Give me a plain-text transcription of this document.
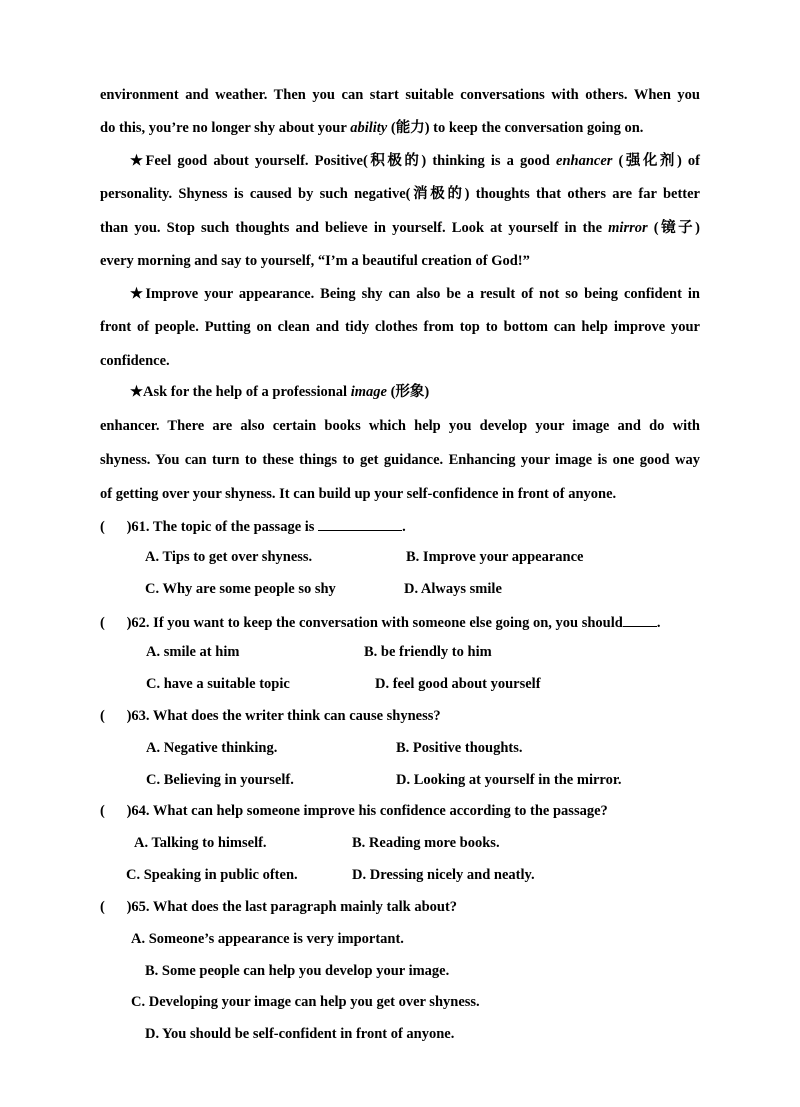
environment and weather. Then you can start suitable conversations with others. When you
do this, you’re no longer shy about your ability (能力) to keep the conversation going on.
★Feel good about yourself. Positive(积极的) thinking is a good enhancer (强化剂) of
personality. Shyness is caused by such negative(消极的) thoughts that others are far better
than you. Stop such thoughts and believe in yourself. Look at yourself in the mirror (镜子)
every morning and say to yourself, “I’m a beautiful creation of God!”
★Improve your appearance. Being shy can also be a result of not so being confident in
front of people. Putting on clean and tidy clothes from top to bottom can help improve your
confidence.
★Ask for the help of a professional image (形象)
enhancer. There are also certain books which help you develop your image and do with
shyness. You can turn to these things to get guidance. Enhancing your image is one good way
of getting over your shyness. It can build up your self-confidence in front of anyone.
(      )61. The topic of the passage is	.
A. Tips to get over shyness.	B. Improve your appearance
C. Why are some people so shy	D. Always smile
(      )62. If you want to keep the conversation with someone else going on, you should .
A. smile at him	B. be friendly to him
C. have a suitable topic	D. feel good about yourself
(      )63. What does the writer think can cause shyness?
A. Negative thinking.	B. Positive thoughts.
C. Believing in yourself.	D. Looking at yourself in the mirror.
(      )64. What can help someone improve his confidence according to the passage?
A. Talking to himself.	B. Reading more books.
C. Speaking in public often.	D. Dressing nicely and neatly.
(      )65. What does the last paragraph mainly talk about?
A. Someone’s appearance is very important.
B. Some people can help you develop your image.
C. Developing your image can help you get over shyness.
D. You should be self-confident in front of anyone.
